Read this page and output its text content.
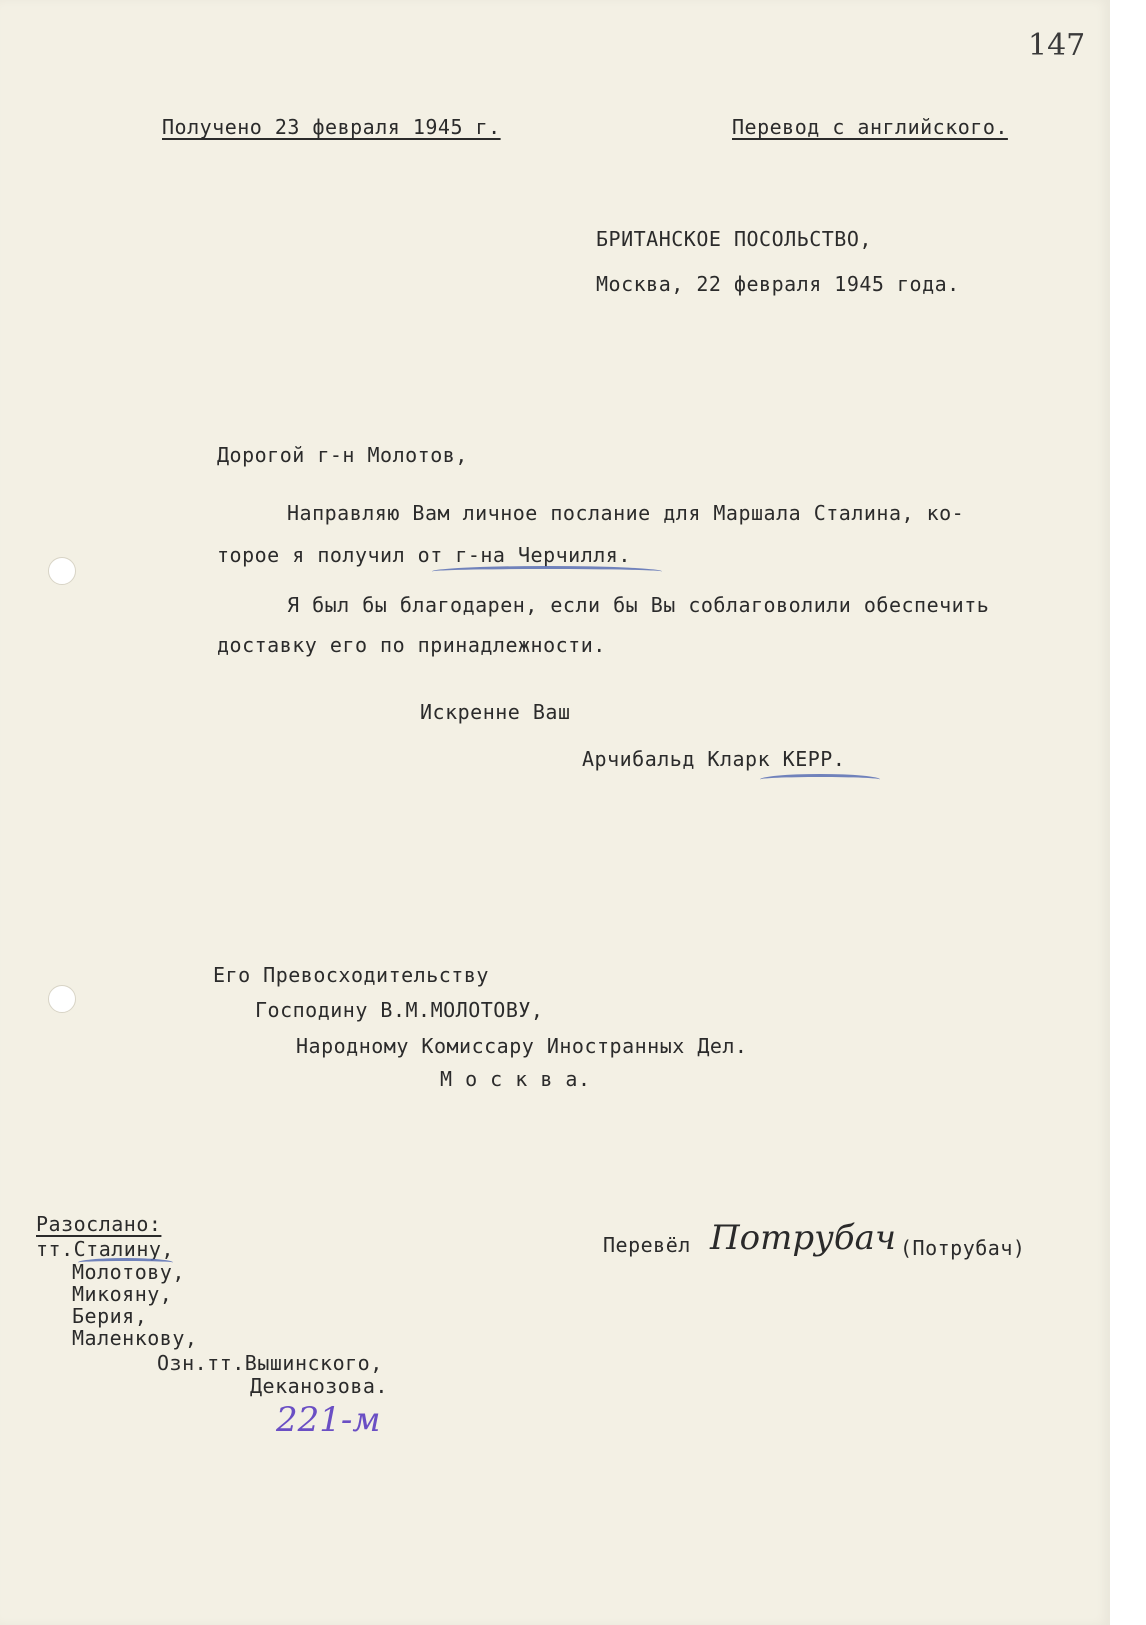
147
Получено 23 февраля 1945 г.	Перевод с английского.
БРИТАНСКОЕ ПОСОЛЬСТВО,
Москва, 22 февраля 1945 года.
Дорогой г-н Молотов,
Направляю Вам личное послание для Маршала Сталина, ко-
торое я получил от г-на Черчилля.
Я был бы благодарен, если бы Вы соблаговолили обеспечить
доставку его по принадлежности.
Искренне Ваш
Арчибальд Кларк КЕРР.
Его Превосходительству
Господину В.М.МОЛОТОВУ,
Народному Комиссару Иностранных Дел.
М о с к в а.
Разослано:
тт.Сталину,
Молотову,
Микояну,
Берия,
Маленкову,
Озн.тт.Вышинского,
Деканозова.
221-м
Перевёл Потрубач (Потрубач)
